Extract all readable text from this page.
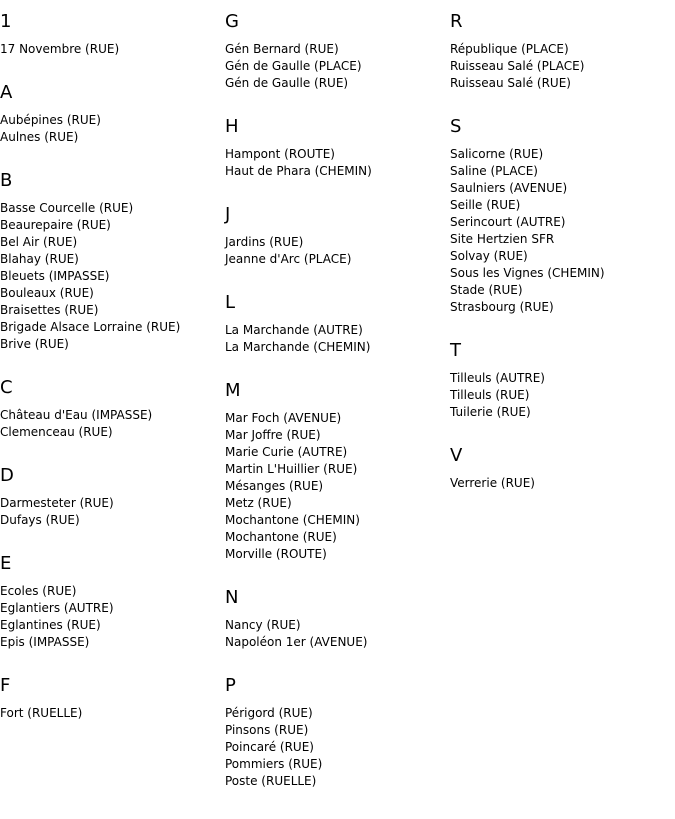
1
17 Novembre (RUE)
A
Aubépines (RUE)
Aulnes (RUE)
B
Basse Courcelle (RUE)
Beaurepaire (RUE)
Bel Air (RUE)
Blahay (RUE)
Bleuets (IMPASSE)
Bouleaux (RUE)
Braisettes (RUE)
Brigade Alsace Lorraine (RUE)
Brive (RUE)
C
Château d'Eau (IMPASSE)
Clemenceau (RUE)
D
Darmesteter (RUE)
Dufays (RUE)
E
Ecoles (RUE)
Eglantiers (AUTRE)
Eglantines (RUE)
Epis (IMPASSE)
F
Fort (RUELLE)
G
Gén Bernard (RUE)
Gén de Gaulle (PLACE)
Gén de Gaulle (RUE)
H
Hampont (ROUTE)
Haut de Phara (CHEMIN)
J
Jardins (RUE)
Jeanne d'Arc (PLACE)
L
La Marchande (AUTRE)
La Marchande (CHEMIN)
M
Mar Foch (AVENUE)
Mar Joffre (RUE)
Marie Curie (AUTRE)
Martin L'Huillier (RUE)
Mésanges (RUE)
Metz (RUE)
Mochantone (CHEMIN)
Mochantone (RUE)
Morville (ROUTE)
N
Nancy (RUE)
Napoléon 1er (AVENUE)
P
Périgord (RUE)
Pinsons (RUE)
Poincaré (RUE)
Pommiers (RUE)
Poste (RUELLE)
R
République (PLACE)
Ruisseau Salé (PLACE)
Ruisseau Salé (RUE)
S
Salicorne (RUE)
Saline (PLACE)
Saulniers (AVENUE)
Seille (RUE)
Serincourt (AUTRE)
Site Hertzien SFR
Solvay (RUE)
Sous les Vignes (CHEMIN)
Stade (RUE)
Strasbourg (RUE)
T
Tilleuls (AUTRE)
Tilleuls (RUE)
Tuilerie (RUE)
V
Verrerie (RUE)
